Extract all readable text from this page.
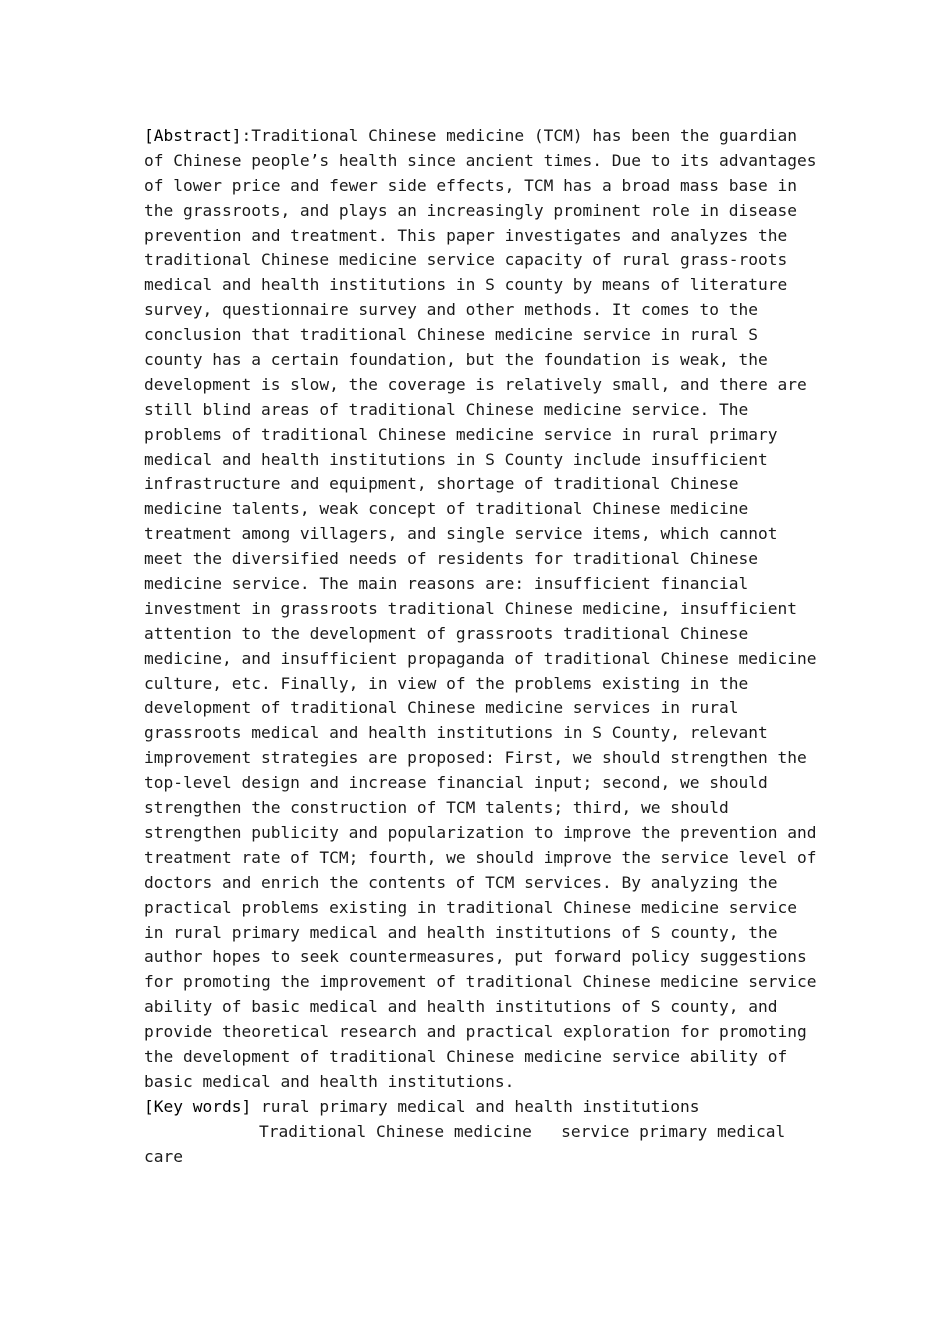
[Abstract]:Traditional Chinese medicine (TCM) has been the guardian
of Chinese people’s health since ancient times. Due to its advantages
of lower price and fewer side effects, TCM has a broad mass base in
the grassroots, and plays an increasingly prominent role in disease
prevention and treatment. This paper investigates and analyzes the
traditional Chinese medicine service capacity of rural grass-roots
medical and health institutions in S county by means of literature
survey, questionnaire survey and other methods. It comes to the
conclusion that traditional Chinese medicine service in rural S
county has a certain foundation, but the foundation is weak, the
development is slow, the coverage is relatively small, and there are
still blind areas of traditional Chinese medicine service. The
problems of traditional Chinese medicine service in rural primary
medical and health institutions in S County include insufficient
infrastructure and equipment, shortage of traditional Chinese
medicine talents, weak concept of traditional Chinese medicine
treatment among villagers, and single service items, which cannot
meet the diversified needs of residents for traditional Chinese
medicine service. The main reasons are: insufficient financial
investment in grassroots traditional Chinese medicine, insufficient
attention to the development of grassroots traditional Chinese
medicine, and insufficient propaganda of traditional Chinese medicine
culture, etc. Finally, in view of the problems existing in the
development of traditional Chinese medicine services in rural
grassroots medical and health institutions in S County, relevant
improvement strategies are proposed: First, we should strengthen the
top-level design and increase financial input; second, we should
strengthen the construction of TCM talents; third, we should
strengthen publicity and popularization to improve the prevention and
treatment rate of TCM; fourth, we should improve the service level of
doctors and enrich the contents of TCM services. By analyzing the
practical problems existing in traditional Chinese medicine service
in rural primary medical and health institutions of S county, the
author hopes to seek countermeasures, put forward policy suggestions
for promoting the improvement of traditional Chinese medicine service
ability of basic medical and health institutions of S county, and
provide theoretical research and practical exploration for promoting
the development of traditional Chinese medicine service ability of
basic medical and health institutions.
[Key words] rural primary medical and health institutions
Traditional Chinese medicine   service primary medical
care
